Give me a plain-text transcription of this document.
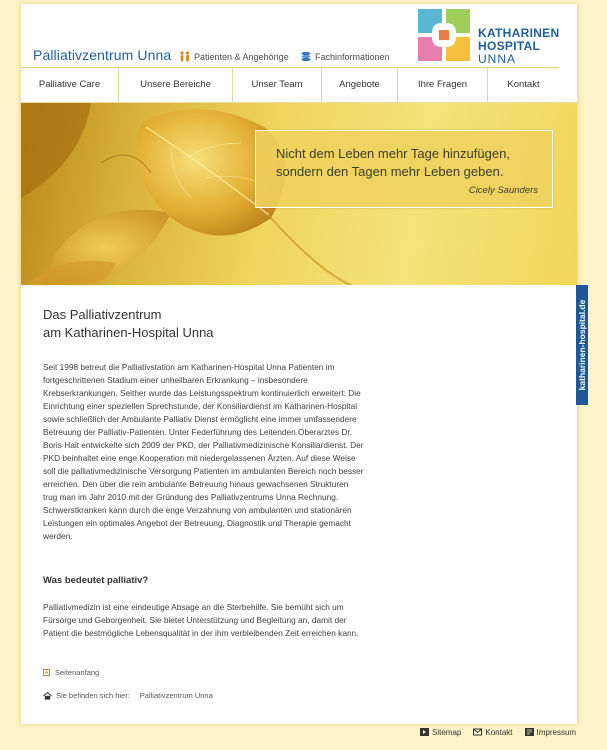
Palliativzentrum Unna	Patienten & Angehörige	Fachinformationen
KATHARINEN
HOSPITAL
UNNA
Palliative Care	Unsere Bereiche	Unser Team	Angebote	Ihre Fragen	Kontakt
Nicht dem Leben mehr Tage hinzufügen,
sondern den Tagen mehr Leben geben.
Cicely Saunders
Das Palliativzentrum
am Katharinen-Hospital Unna
Seit 1998 betreut die Palliativstation am Katharinen-Hospital Unna Patienten im
fortgeschrittenen Stadium einer unheilbaren Erkrankung – insbesondere
Krebserkrankungen. Seither wurde das Leistungsspektrum kontinuierlich erweitert: Die
Einrichtung einer speziellen Sprechstunde, der Konsiliardienst im Katharinen-Hospital
sowie schließlich der Ambulante Palliativ Dienst ermöglicht eine immer umfassendere
Betreuung der Palliativ-Patienten. Unter Federführung des Leitenden Oberarztes Dr.
Boris Hait entwickelte sich 2009 der PKD, der Palliativmedizinische Konsiliardienst. Der
PKD beinhaltet eine enge Kooperation mit niedergelassenen Ärzten. Auf diese Weise
soll die palliativmedizinische Versorgung Patienten im ambulanten Bereich noch besser
erreichen. Den über die rein ambulante Betreuung hinaus gewachsenen Strukturen
trug man im Jahr 2010 mit der Gründung des Palliativzentrums Unna Rechnung.
Schwerstkranken kann durch die enge Verzahnung von ambulanten und stationären
Leistungen ein optimales Angebot der Betreuung, Diagnostik und Therapie gemacht
werden.
Was bedeutet palliativ?
Palliativmedizin ist eine eindeutige Absage an die Sterbehilfe. Sie bemüht sich um
Fürsorge und Geborgenheit. Sie bietet Unterstützung und Begleitung an, damit der
Patient die bestmögliche Lebensqualität in der ihm verbleibenden Zeit erreichen kann.
Seitenanfang
Sie befinden sich hier: Palliativzentrum Unna
katharinen-hospital.de
Sitemap	Kontakt	Impressum
